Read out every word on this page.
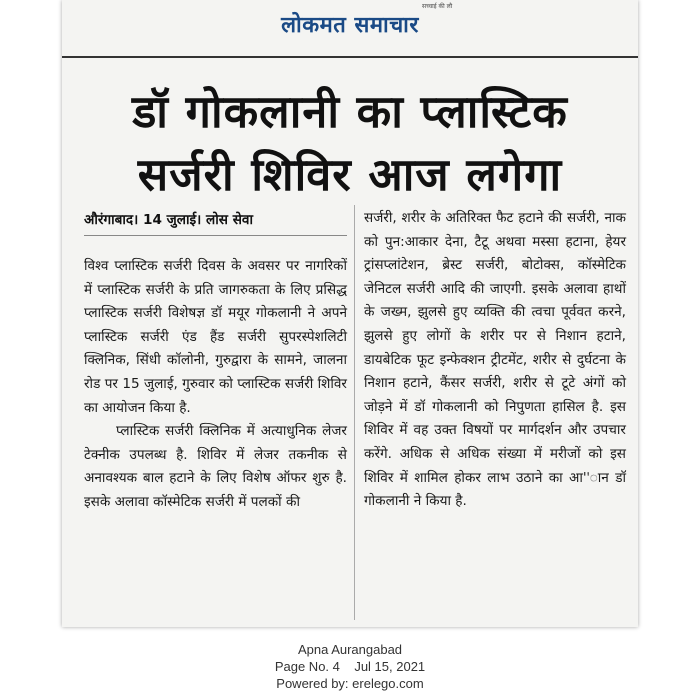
लोकमत समाचार
सच्चाई की लौ
डॉ गोकलानी का प्लास्टिक
सर्जरी शिविर आज लगेगा
औरंगाबाद। 14 जुलाई। लोस सेवा

विश्व प्लास्टिक सर्जरी दिवस के अवसर पर नागरिकों में प्लास्टिक सर्जरी के प्रति जागरुकता के लिए प्रसिद्ध प्लास्टिक सर्जरी विशेषज्ञ डॉ मयूर गोकलानी ने अपने प्लास्टिक सर्जरी एंड हैंड सर्जरी सुपरस्पेशलिटी क्लिनिक, सिंधी कॉलोनी, गुरुद्वारा के सामने, जालना रोड पर 15 जुलाई, गुरुवार को प्लास्टिक सर्जरी शिविर का आयोजन किया है.

प्लास्टिक सर्जरी क्लिनिक में अत्याधुनिक लेजर टेक्नीक उपलब्ध है. शिविर में लेजर तकनीक से अनावश्यक बाल हटाने के लिए विशेष ऑफर शुरु है. इसके अलावा कॉस्मेटिक सर्जरी में पलकों की

सर्जरी, शरीर के अतिरिक्त फैट हटाने की सर्जरी, नाक को पुन:आकार देना, टैटू अथवा मस्सा हटाना, हेयर ट्रांसप्लांटेशन, ब्रेस्ट सर्जरी, बोटोक्स, कॉस्मेटिक जेनिटल सर्जरी आदि की जाएगी. इसके अलावा हाथों के जख्म, झुलसे हुए व्यक्ति की त्वचा पूर्ववत करने, झुलसे हुए लोगों के शरीर पर से निशान हटाने, डायबेटिक फूट इन्फेक्शन ट्रीटमेंट, शरीर से दुर्घटना के निशान हटाने, कैंसर सर्जरी, शरीर से टूटे अंगों को जोड़ने में डॉ गोकलानी को निपुणता हासिल है. इस शिविर में वह उक्त विषयों पर मार्गदर्शन और उपचार करेंगे. अधिक से अधिक संख्या में मरीजों को इस शिविर में शामिल होकर लाभ उठाने का आ''ान डॉ गोकलानी ने किया है.

Apna Aurangabad
Page No. 4    Jul 15, 2021
Powered by: erelego.com
